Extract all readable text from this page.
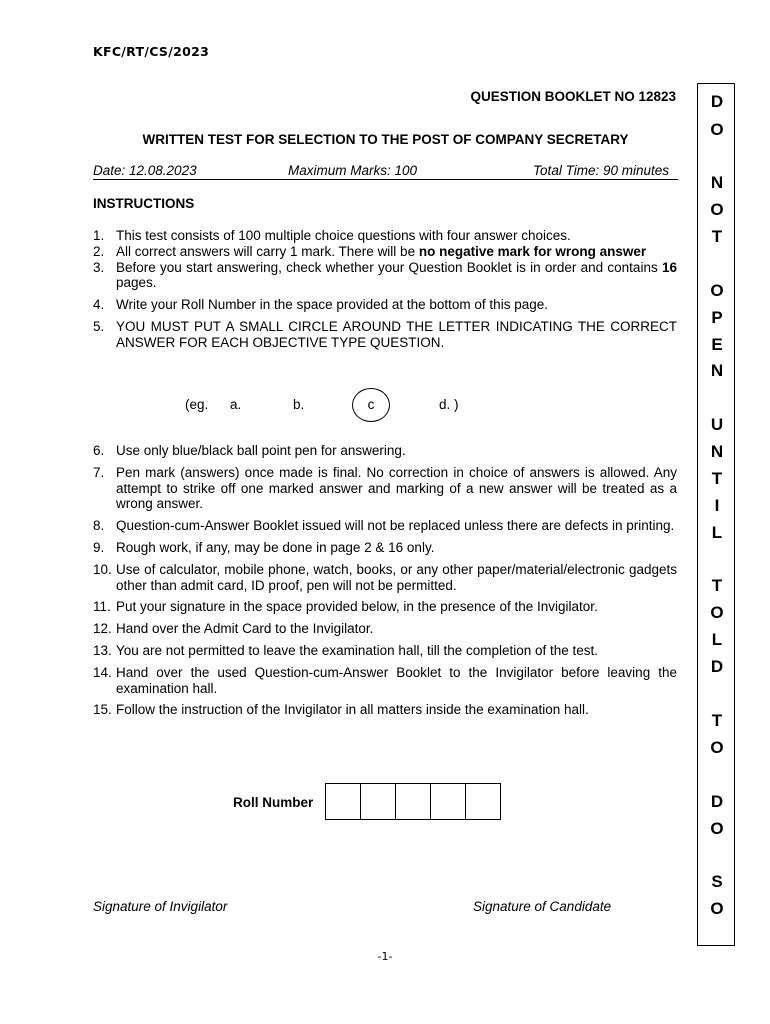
KFC/RT/CS/2023
QUESTION BOOKLET NO 12823
WRITTEN TEST FOR SELECTION TO THE POST OF COMPANY SECRETARY
Date: 12.08.2023	Maximum Marks: 100	Total Time: 90 minutes
INSTRUCTIONS
1. This test consists of 100 multiple choice questions with four answer choices.
2. All correct answers will carry 1 mark. There will be no negative mark for wrong answer
3. Before you start answering, check whether your Question Booklet is in order and contains 16 pages.
4. Write your Roll Number in the space provided at the bottom of this page.
5. YOU MUST PUT A SMALL CIRCLE AROUND THE LETTER INDICATING THE CORRECT ANSWER FOR EACH OBJECTIVE TYPE QUESTION.
(eg. a.	b.	c	d. )
6. Use only blue/black ball point pen for answering.
7. Pen mark (answers) once made is final. No correction in choice of answers is allowed. Any attempt to strike off one marked answer and marking of a new answer will be treated as a wrong answer.
8. Question-cum-Answer Booklet issued will not be replaced unless there are defects in printing.
9. Rough work, if any, may be done in page 2 & 16 only.
10. Use of calculator, mobile phone, watch, books, or any other paper/material/electronic gadgets other than admit card, ID proof, pen will not be permitted.
11. Put your signature in the space provided below, in the presence of the Invigilator.
12. Hand over the Admit Card to the Invigilator.
13. You are not permitted to leave the examination hall, till the completion of the test.
14. Hand over the used Question-cum-Answer Booklet to the Invigilator before leaving the examination hall.
15. Follow the instruction of the Invigilator in all matters inside the examination hall.
Roll Number
Signature of Invigilator	Signature of Candidate
-1-
D
O
N
O
T
O
P
E
N
U
N
T
I
L
T
O
L
D
T
O
D
O
S
O
